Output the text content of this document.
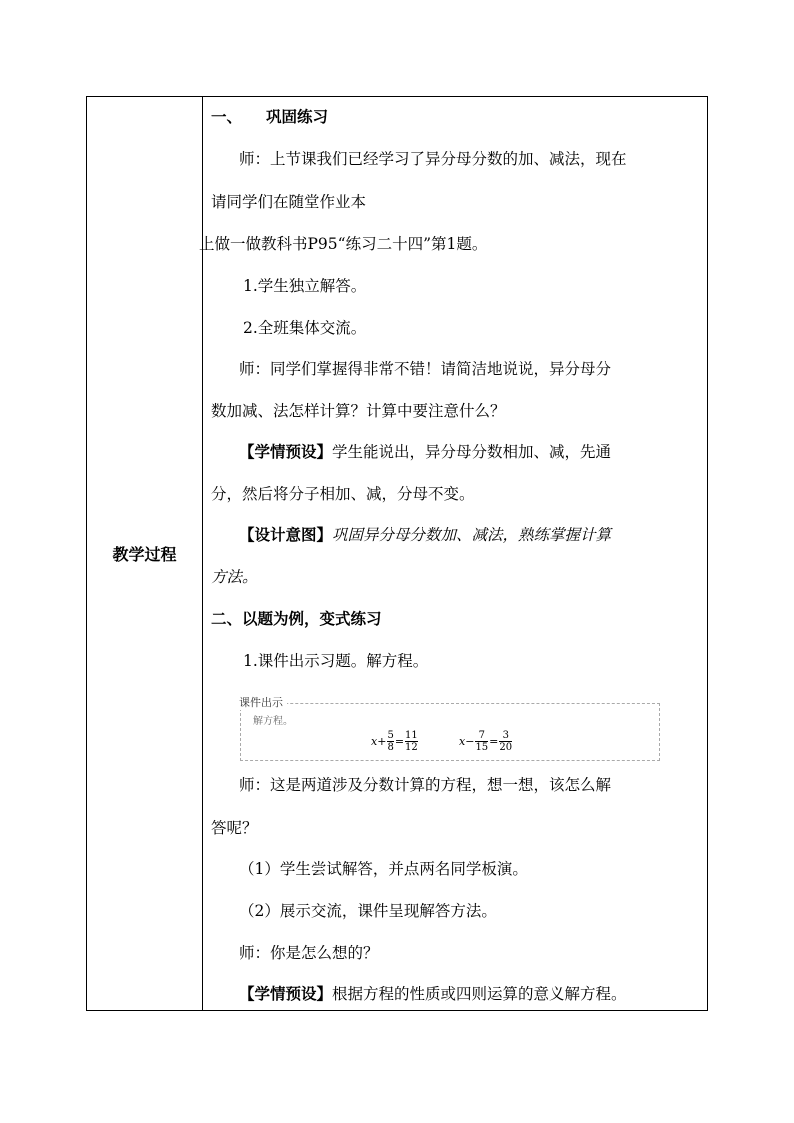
教学过程
一、 巩固练习
师：上节课我们已经学习了异分母分数的加、减法，现在
请同学们在随堂作业本
上做一做教科书P95“练习二十四”第1题。
1.学生独立解答。
2.全班集体交流。
师：同学们掌握得非常不错！请简洁地说说，异分母分
数加减、法怎样计算？计算中要注意什么？
【学情预设】学生能说出，异分母分数相加、减，先通
分，然后将分子相加、减，分母不变。
【设计意图】巩固异分母分数加、减法，熟练掌握计算
方法。
二、以题为例，变式练习
1.课件出示习题。解方程。
课件出示
解方程。
$x + \frac{5}{8} = \frac{11}{12}$	$x - \frac{7}{15} = \frac{3}{20}$
师：这是两道涉及分数计算的方程，想一想，该怎么解
答呢？
（1）学生尝试解答，并点两名同学板演。
（2）展示交流，课件呈现解答方法。
师：你是怎么想的？
【学情预设】根据方程的性质或四则运算的意义解方程。
